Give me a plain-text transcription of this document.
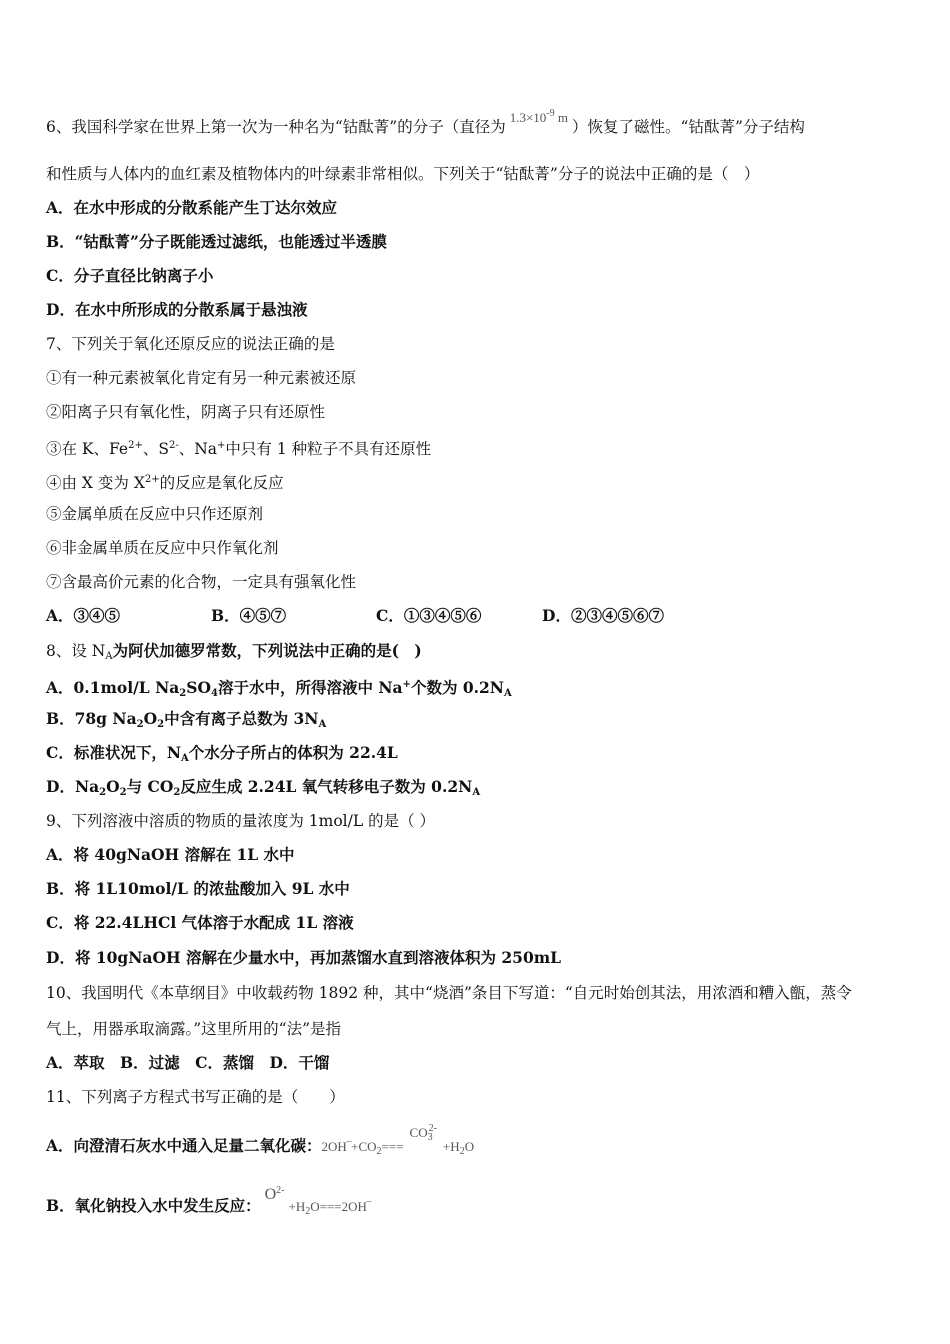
6、我国科学家在世界上第一次为一种名为“钴酞菁”的分子（直径为$^{1.3\times 10^{-9} m}$）恢复了磁性。“钴酞菁”分子结构
和性质与人体内的血红素及植物体内的叶绿素非常相似。下列关于“钴酞菁”分子的说法中正确的是（　）
A．在水中形成的分散系能产生丁达尔效应
B．“钴酞菁”分子既能透过滤纸，也能透过半透膜
C．分子直径比钠离子小
D．在水中所形成的分散系属于悬浊液
7、下列关于氧化还原反应的说法正确的是
①有一种元素被氧化肯定有另一种元素被还原
②阳离子只有氧化性，阴离子只有还原性
③在 K、$Fe^{2+}$、$S^{2-}$、Na+中只有 1 种粒子不具有还原性
④由 X 变为 $X^{2+}$的反应是氧化反应
⑤金属单质在反应中只作还原剂
⑥非金属单质在反应中只作氧化剂
⑦含最高价元素的化合物，一定具有强氧化性
A．③④⑤	B．④⑤⑦	C．①③④⑤⑥	D．②③④⑤⑥⑦
8、设 $N_A$为阿伏加德罗常数，下列说法中正确的是(　)
A．0.1mol/L $Na_2SO_4$溶于水中，所得溶液中 Na+个数为 $0.2N_A$
B．78g $Na_2O_2$中含有离子总数为 $3N_A$
C．标准状况下，$N_A$个水分子所占的体积为 22.4L
D．$Na_2O_2$与 $CO_2$反应生成 2.24L 氧气转移电子数为 $0.2N_A$
9、下列溶液中溶质的物质的量浓度为 1mol/L 的是（ ）
A．将 40gNaOH 溶解在 1L 水中
B．将 1L10mol/L 的浓盐酸加入 9L 水中
C．将 22.4LHCl 气体溶于水配成 1L 溶液
D．将 10gNaOH 溶解在少量水中，再加蒸馏水直到溶液体积为 250mL
10、我国明代《本草纲目》中收载药物 1892 种，其中“烧酒”条目下写道：“自元时始创其法，用浓酒和糟入甑，蒸令
气上，用器承取滴露。”这里所用的“法”是指
A．萃取　B．过滤　C．蒸馏　D．干馏
11、下列离子方程式书写正确的是（　　）
A．向澄清石灰水中通入足量二氧化碳：$2OH‾+CO_2===CO_3^{2-}+H_2O$
B．氧化钠投入水中发生反应：$O^{2-}+H_2O===2OH‾$
